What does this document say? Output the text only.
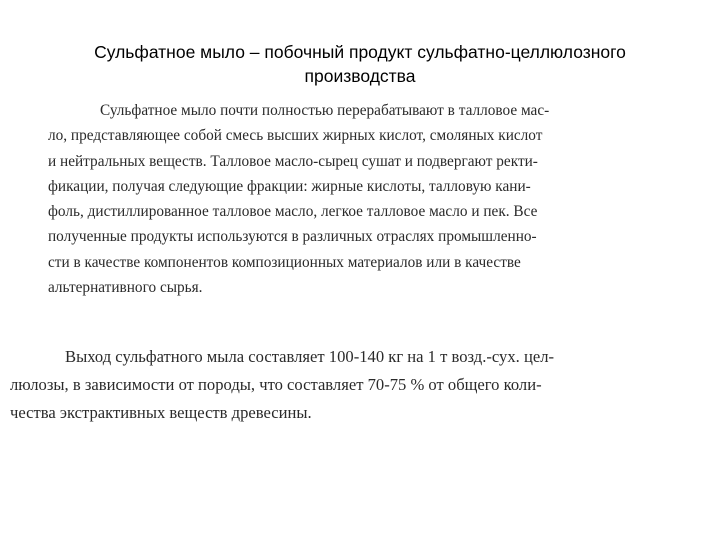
Сульфатное мыло – побочный продукт сульфатно-целлюлозного
производства
Сульфатное мыло почти полностью перерабатывают в талловое мас-
ло, представляющее собой смесь высших жирных кислот, смоляных кислот
и нейтральных веществ. Талловое масло-сырец сушат и подвергают ректи-
фикации, получая следующие фракции: жирные кислоты, талловую кани-
фоль, дистиллированное талловое масло, легкое талловое масло и пек. Все
полученные продукты используются в различных отраслях промышленно-
сти в качестве компонентов композиционных материалов или в качестве
альтернативного сырья.
Выход сульфатного мыла составляет 100-140 кг на 1 т возд.-сух. цел-
люлозы, в зависимости от породы, что составляет 70-75 % от общего коли-
чества экстрактивных веществ древесины.
